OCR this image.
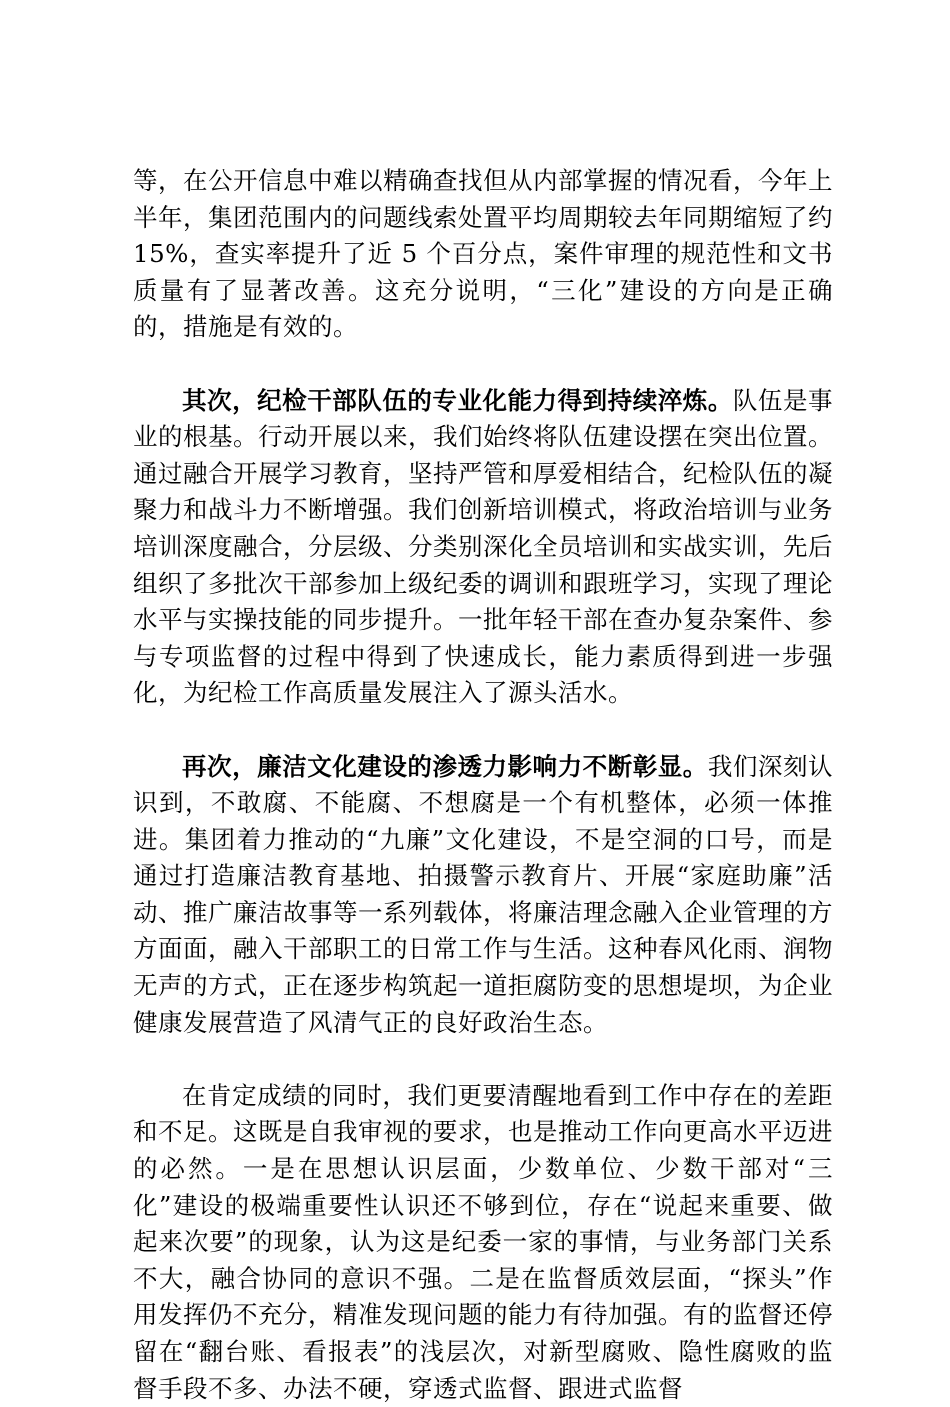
等，在公开信息中难以精确查找但从内部掌握的情况看，今年上半年，集团范围内的问题线索处置平均周期较去年同期缩短了约 15%，查实率提升了近 5 个百分点，案件审理的规范性和文书质量有了显著改善。这充分说明，“三化”建设的方向是正确的，措施是有效的。

其次，纪检干部队伍的专业化能力得到持续淬炼。队伍是事业的根基。行动开展以来，我们始终将队伍建设摆在突出位置。通过融合开展学习教育，坚持严管和厚爱相结合，纪检队伍的凝聚力和战斗力不断增强。我们创新培训模式，将政治培训与业务培训深度融合，分层级、分类别深化全员培训和实战实训，先后组织了多批次干部参加上级纪委的调训和跟班学习，实现了理论水平与实操技能的同步提升。一批年轻干部在查办复杂案件、参与专项监督的过程中得到了快速成长，能力素质得到进一步强化，为纪检工作高质量发展注入了源头活水。

再次，廉洁文化建设的渗透力影响力不断彰显。我们深刻认识到，不敢腐、不能腐、不想腐是一个有机整体，必须一体推进。集团着力推动的“九廉”文化建设，不是空洞的口号，而是通过打造廉洁教育基地、拍摄警示教育片、开展“家庭助廉”活动、推广廉洁故事等一系列载体，将廉洁理念融入企业管理的方方面面，融入干部职工的日常工作与生活。这种春风化雨、润物无声的方式，正在逐步构筑起一道拒腐防变的思想堤坝，为企业健康发展营造了风清气正的良好政治生态。

在肯定成绩的同时，我们更要清醒地看到工作中存在的差距和不足。这既是自我审视的要求，也是推动工作向更高水平迈进的必然。一是在思想认识层面，少数单位、少数干部对“三化”建设的极端重要性认识还不够到位，存在“说起来重要、做起来次要”的现象，认为这是纪委一家的事情，与业务部门关系不大，融合协同的意识不强。二是在监督质效层面，“探头”作用发挥仍不充分，精准发现问题的能力有待加强。有的监督还停留在“翻台账、看报表”的浅层次，对新型腐败、隐性腐败的监督手段不多、办法不硬，穿透式监督、跟进式监督
